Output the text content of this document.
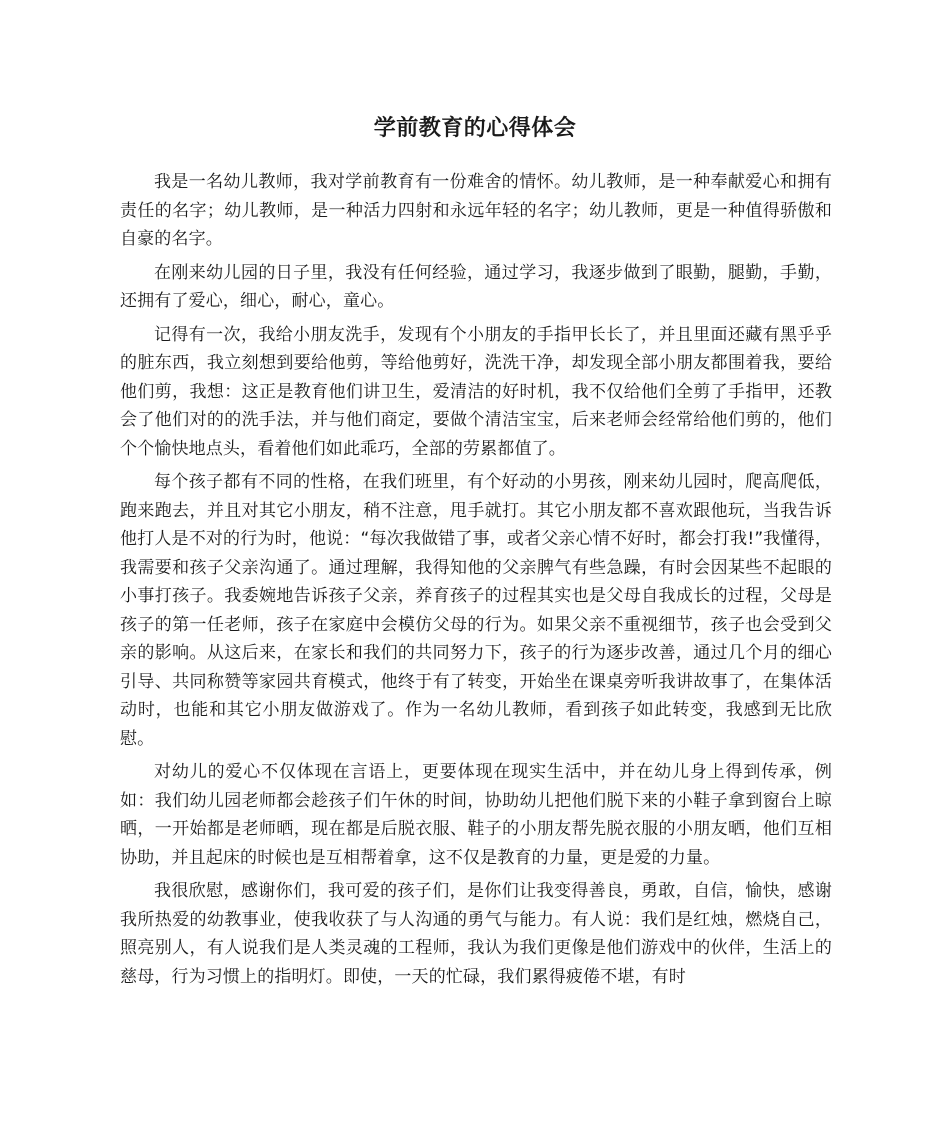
学前教育的心得体会

我是一名幼儿教师，我对学前教育有一份难舍的情怀。幼儿教师，是一种奉献爱心和拥有责任的名字；幼儿教师，是一种活力四射和永远年轻的名字；幼儿教师，更是一种值得骄傲和自豪的名字。

在刚来幼儿园的日子里，我没有任何经验，通过学习，我逐步做到了眼勤，腿勤，手勤，还拥有了爱心，细心，耐心，童心。

记得有一次，我给小朋友洗手，发现有个小朋友的手指甲长长了，并且里面还藏有黑乎乎的脏东西，我立刻想到要给他剪，等给他剪好，洗洗干净，却发现全部小朋友都围着我，要给他们剪，我想：这正是教育他们讲卫生，爱清洁的好时机，我不仅给他们全剪了手指甲，还教会了他们对的的洗手法，并与他们商定，要做个清洁宝宝，后来老师会经常给他们剪的，他们个个愉快地点头，看着他们如此乖巧，全部的劳累都值了。

每个孩子都有不同的性格，在我们班里，有个好动的小男孩，刚来幼儿园时，爬高爬低，跑来跑去，并且对其它小朋友，稍不注意，甩手就打。其它小朋友都不喜欢跟他玩，当我告诉他打人是不对的行为时，他说：“每次我做错了事，或者父亲心情不好时，都会打我!”我懂得，我需要和孩子父亲沟通了。通过理解，我得知他的父亲脾气有些急躁，有时会因某些不起眼的小事打孩子。我委婉地告诉孩子父亲，养育孩子的过程其实也是父母自我成长的过程，父母是孩子的第一任老师，孩子在家庭中会模仿父母的行为。如果父亲不重视细节，孩子也会受到父亲的影响。从这后来，在家长和我们的共同努力下，孩子的行为逐步改善，通过几个月的细心引导、共同称赞等家园共育模式，他终于有了转变，开始坐在课桌旁听我讲故事了，在集体活动时，也能和其它小朋友做游戏了。作为一名幼儿教师，看到孩子如此转变，我感到无比欣慰。

对幼儿的爱心不仅体现在言语上，更要体现在现实生活中，并在幼儿身上得到传承，例如：我们幼儿园老师都会趁孩子们午休的时间，协助幼儿把他们脱下来的小鞋子拿到窗台上晾晒，一开始都是老师晒，现在都是后脱衣服、鞋子的小朋友帮先脱衣服的小朋友晒，他们互相协助，并且起床的时候也是互相帮着拿，这不仅是教育的力量，更是爱的力量。

我很欣慰，感谢你们，我可爱的孩子们，是你们让我变得善良，勇敢，自信，愉快，感谢我所热爱的幼教事业，使我收获了与人沟通的勇气与能力。有人说：我们是红烛，燃烧自己，照亮别人，有人说我们是人类灵魂的工程师，我认为我们更像是他们游戏中的伙伴，生活上的慈母，行为习惯上的指明灯。即使，一天的忙碌，我们累得疲倦不堪，有时
